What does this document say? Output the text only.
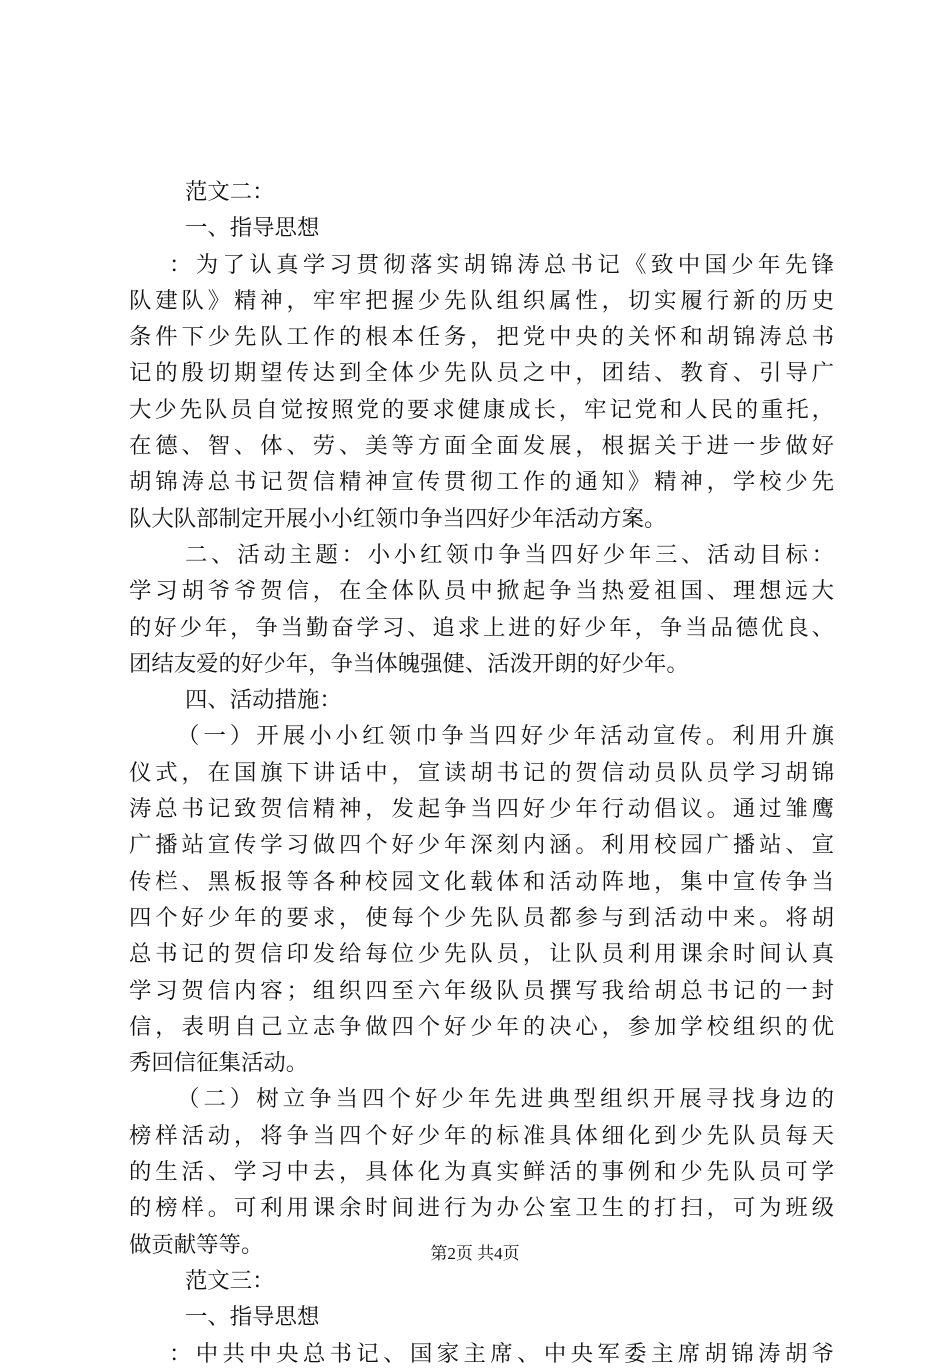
范文二：
一、指导思想
：为了认真学习贯彻落实胡锦涛总书记《致中国少年先锋
队建队》精神，牢牢把握少先队组织属性，切实履行新的历史
条件下少先队工作的根本任务，把党中央的关怀和胡锦涛总书
记的殷切期望传达到全体少先队员之中，团结、教育、引导广
大少先队员自觉按照党的要求健康成长，牢记党和人民的重托，
在德、智、体、劳、美等方面全面发展，根据关于进一步做好
胡锦涛总书记贺信精神宣传贯彻工作的通知》精神，学校少先
队大队部制定开展小小红领巾争当四好少年活动方案。
二、活动主题：小小红领巾争当四好少年三、活动目标：
学习胡爷爷贺信，在全体队员中掀起争当热爱祖国、理想远大
的好少年，争当勤奋学习、追求上进的好少年，争当品德优良、
团结友爱的好少年，争当体魄强健、活泼开朗的好少年。
四、活动措施：
（一）开展小小红领巾争当四好少年活动宣传。利用升旗
仪式，在国旗下讲话中，宣读胡书记的贺信动员队员学习胡锦
涛总书记致贺信精神，发起争当四好少年行动倡议。通过雏鹰
广播站宣传学习做四个好少年深刻内涵。利用校园广播站、宣
传栏、黑板报等各种校园文化载体和活动阵地，集中宣传争当
四个好少年的要求，使每个少先队员都参与到活动中来。将胡
总书记的贺信印发给每位少先队员，让队员利用课余时间认真
学习贺信内容；组织四至六年级队员撰写我给胡总书记的一封
信，表明自己立志争做四个好少年的决心，参加学校组织的优
秀回信征集活动。
（二）树立争当四个好少年先进典型组织开展寻找身边的
榜样活动，将争当四个好少年的标准具体细化到少先队员每天
的生活、学习中去，具体化为真实鲜活的事例和少先队员可学
的榜样。可利用课余时间进行为办公室卫生的打扫，可为班级
做贡献等等。
范文三：
一、指导思想
：中共中央总书记、国家主席、中央军委主席胡锦涛胡爷
第2页 共4页
